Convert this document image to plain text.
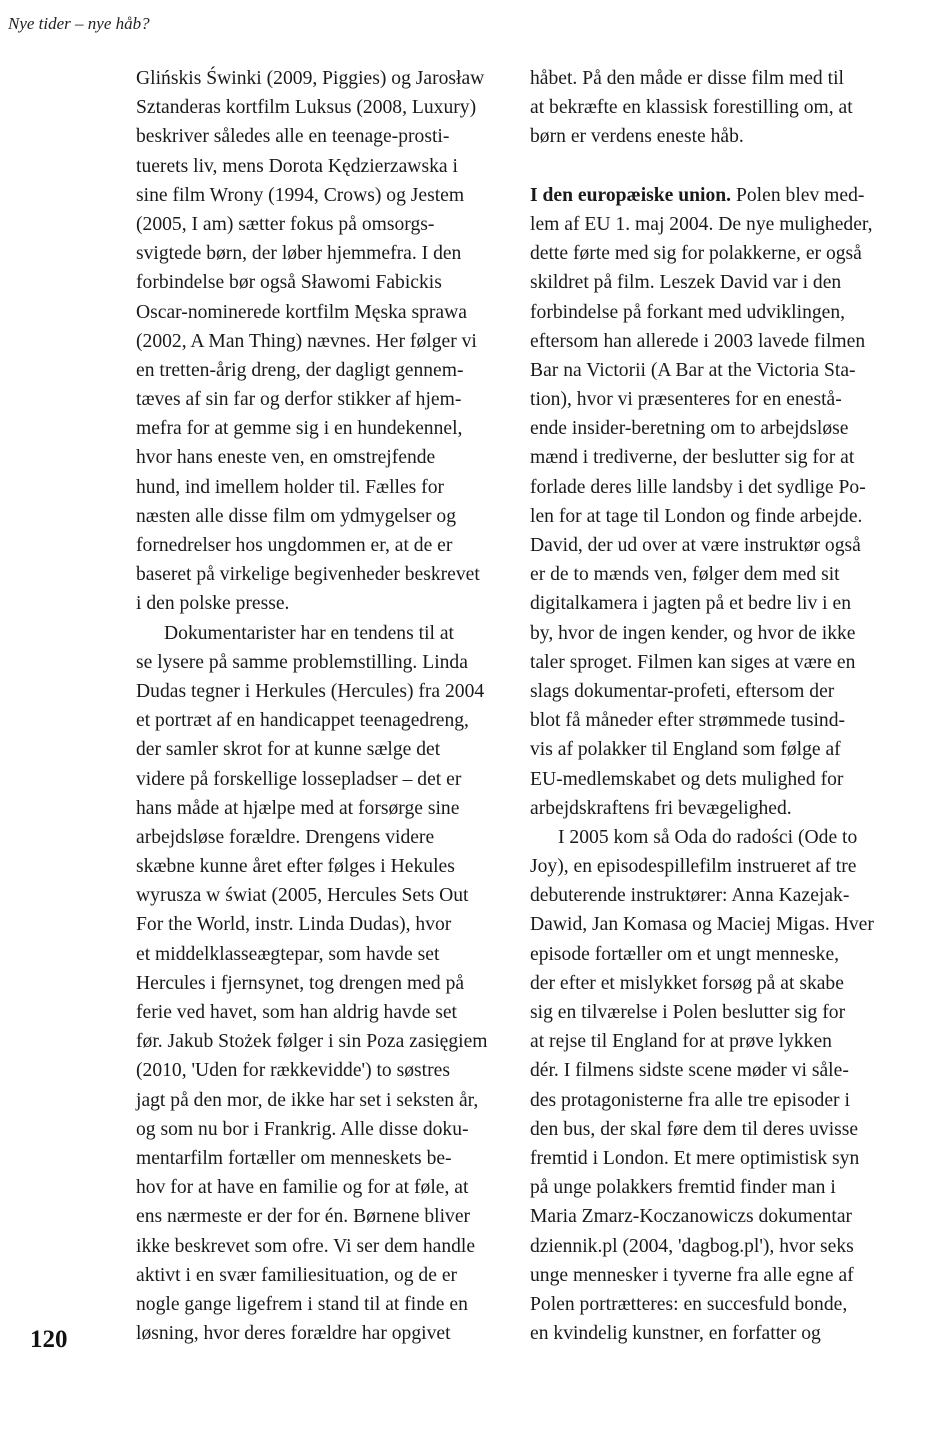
Nye tider – nye håb?
Glińskis Świnki (2009, Piggies) og Jarosław
Sztanderas kortfilm Luksus (2008, Luxury)
beskriver således alle en teenage-prosti-
tuerets liv, mens Dorota Kędzierzawska i
sine film Wrony (1994, Crows) og Jestem
(2005, I am) sætter fokus på omsorgs-
svigtede børn, der løber hjemmefra. I den
forbindelse bør også Sławomi Fabickis
Oscar-nominerede kortfilm Męska sprawa
(2002, A Man Thing) nævnes. Her følger vi
en tretten-årig dreng, der dagligt gennem-
tæves af sin far og derfor stikker af hjem-
mefra for at gemme sig i en hundekennel,
hvor hans eneste ven, en omstrejfende
hund, ind imellem holder til. Fælles for
næsten alle disse film om ydmygelser og
fornedrelser hos ungdommen er, at de er
baseret på virkelige begivenheder beskrevet
i den polske presse.
Dokumentarister har en tendens til at
se lysere på samme problemstilling. Linda
Dudas tegner i Herkules (Hercules) fra 2004
et portræt af en handicappet teenagedreng,
der samler skrot for at kunne sælge det
videre på forskellige lossepladser – det er
hans måde at hjælpe med at forsørge sine
arbejdsløse forældre. Drengens videre
skæbne kunne året efter følges i Hekules
wyrusza w świat (2005, Hercules Sets Out
For the World, instr. Linda Dudas), hvor
et middelklasseægtepar, som havde set
Hercules i fjernsynet, tog drengen med på
ferie ved havet, som han aldrig havde set
før. Jakub Stożek følger i sin Poza zasięgiem
(2010, 'Uden for rækkevidde') to søstres
jagt på den mor, de ikke har set i seksten år,
og som nu bor i Frankrig. Alle disse doku-
mentarfilm fortæller om menneskets be-
hov for at have en familie og for at føle, at
ens nærmeste er der for én. Børnene bliver
ikke beskrevet som ofre. Vi ser dem handle
aktivt i en svær familiesituation, og de er
nogle gange ligefrem i stand til at finde en
løsning, hvor deres forældre har opgivet
håbet. På den måde er disse film med til
at bekræfte en klassisk forestilling om, at
børn er verdens eneste håb.
I den europæiske union. Polen blev med-
lem af EU 1. maj 2004. De nye muligheder,
dette førte med sig for polakkerne, er også
skildret på film. Leszek David var i den
forbindelse på forkant med udviklingen,
eftersom han allerede i 2003 lavede filmen
Bar na Victorii (A Bar at the Victoria Sta-
tion), hvor vi præsenteres for en enestå-
ende insider-beretning om to arbejdsløse
mænd i trediverne, der beslutter sig for at
forlade deres lille landsby i det sydlige Po-
len for at tage til London og finde arbejde.
David, der ud over at være instruktør også
er de to mænds ven, følger dem med sit
digitalkamera i jagten på et bedre liv i en
by, hvor de ingen kender, og hvor de ikke
taler sproget. Filmen kan siges at være en
slags dokumentar-profeti, eftersom der
blot få måneder efter strømmede tusind-
vis af polakker til England som følge af
EU-medlemskabet og dets mulighed for
arbejdskraftens fri bevægelighed.
I 2005 kom så Oda do radości (Ode to
Joy), en episodespillefilm instrueret af tre
debuterende instruktører: Anna Kazejak-
Dawid, Jan Komasa og Maciej Migas. Hver
episode fortæller om et ungt menneske,
der efter et mislykket forsøg på at skabe
sig en tilværelse i Polen beslutter sig for
at rejse til England for at prøve lykken
dér. I filmens sidste scene møder vi såle-
des protagonisterne fra alle tre episoder i
den bus, der skal føre dem til deres uvisse
fremtid i London. Et mere optimistisk syn
på unge polakkers fremtid finder man i
Maria Zmarz-Koczanowiczs dokumentar
dziennik.pl (2004, 'dagbog.pl'), hvor seks
unge mennesker i tyverne fra alle egne af
Polen portrætteres: en succesfuld bonde,
en kvindelig kunstner, en forfatter og
120
